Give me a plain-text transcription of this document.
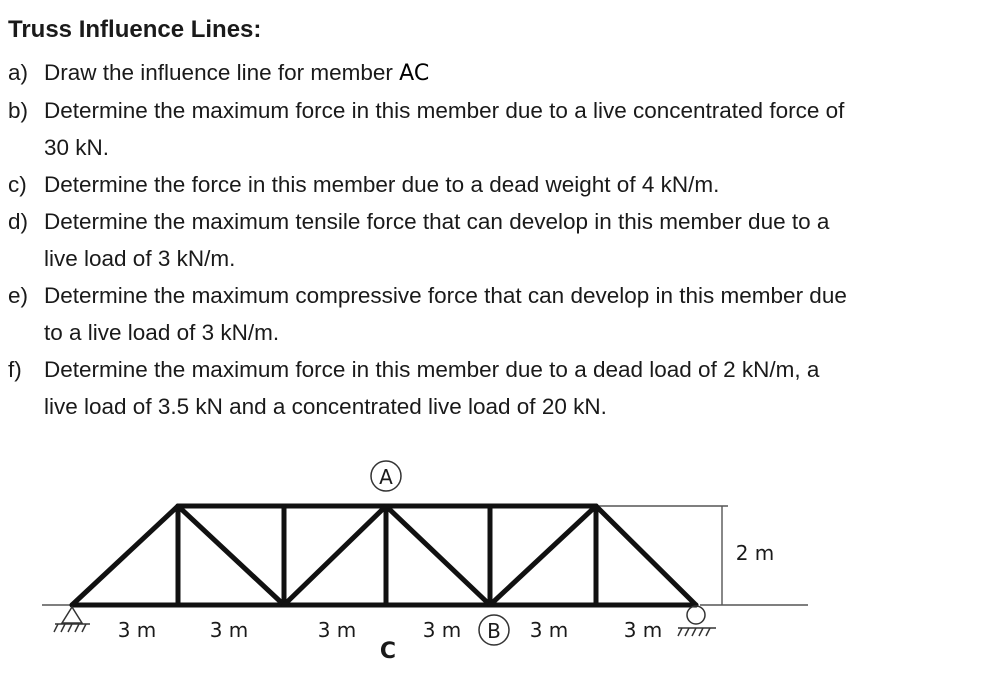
Truss Influence Lines:
a) Draw the influence line for member AC
b) Determine the maximum force in this member due to a live concentrated force of
30 kN.
c) Determine the force in this member due to a dead weight of 4 kN/m.
d) Determine the maximum tensile force that can develop in this member due to a
live load of 3 kN/m.
e) Determine the maximum compressive force that can develop in this member due
to a live load of 3 kN/m.
f) Determine the maximum force in this member due to a dead load of 2 kN/m, a
live load of 3.5 kN and a concentrated live load of 20 kN.
A
B
C
3 m	3 m	3 m	3 m	3 m	3 m
2 m
